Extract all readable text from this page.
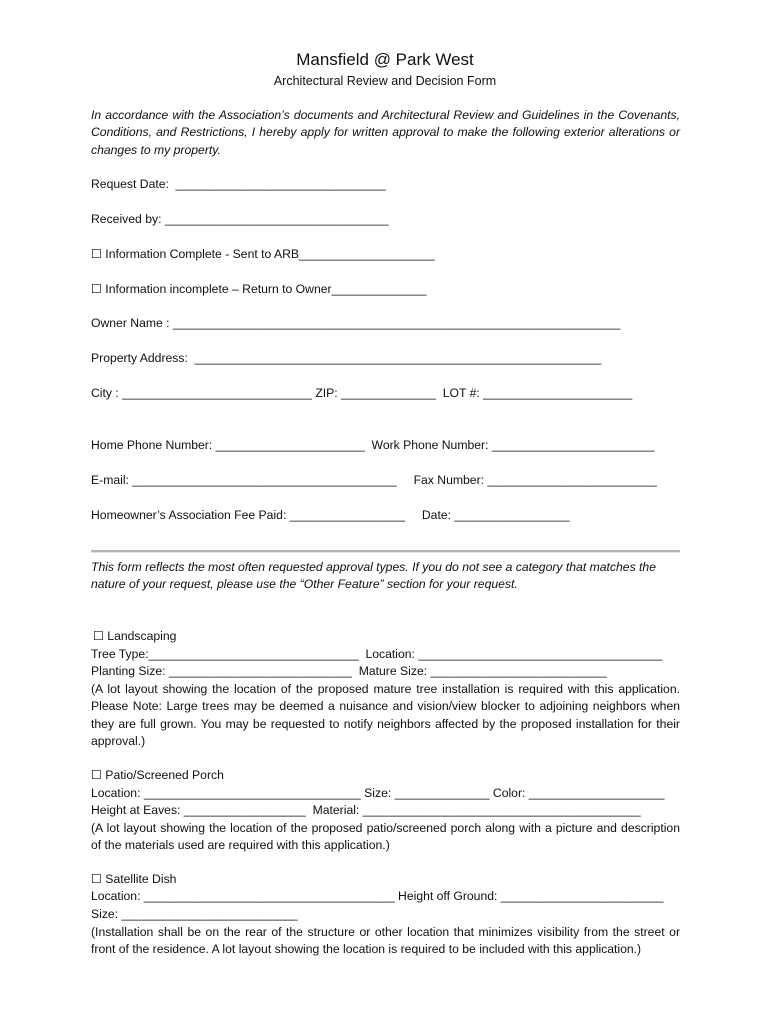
Mansfield @ Park West
Architectural Review and Decision Form
In accordance with the Association’s documents and Architectural Review and Guidelines in the Covenants, Conditions, and Restrictions, I hereby apply for written approval to make the following exterior alterations or changes to my property.
Request Date:  _______________________________
Received by: _________________________________
☐ Information Complete - Sent to ARB____________________
☐ Information incomplete – Return to Owner______________
Owner Name : __________________________________________________________________
Property Address:  ____________________________________________________________
City : ____________________________ ZIP: ______________  LOT #: ______________________
Home Phone Number: ______________________  Work Phone Number: ________________________
E-mail: _______________________________________     Fax Number: _________________________
Homeowner’s Association Fee Paid: _________________     Date: _________________
This form reflects the most often requested approval types. If you do not see a category that matches the nature of your request, please use the “Other Feature” section for your request.
☐ Landscaping
Tree Type:_______________________________  Location: ____________________________________
Planting Size: ___________________________  Mature Size: __________________________
(A lot layout showing the location of the proposed mature tree installation is required with this application. Please Note: Large trees may be deemed a nuisance and vision/view blocker to adjoining neighbors when they are full grown. You may be requested to notify neighbors affected by the proposed installation for their approval.)
☐ Patio/Screened Porch
Location: ________________________________ Size: ______________ Color: ____________________
Height at Eaves: __________________  Material: _________________________________________
(A lot layout showing the location of the proposed patio/screened porch along with a picture and description of the materials used are required with this application.)
☐ Satellite Dish
Location: _____________________________________ Height off Ground: ________________________
Size: __________________________
(Installation shall be on the rear of the structure or other location that minimizes visibility from the street or front of the residence. A lot layout showing the location is required to be included with this application.)
